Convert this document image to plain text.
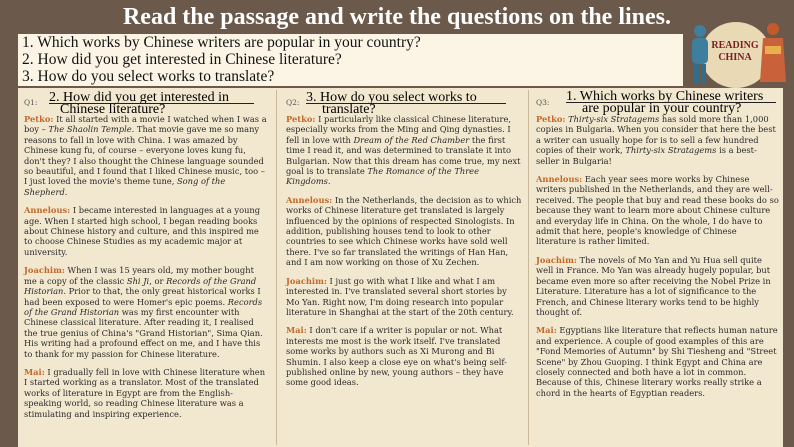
Read the passage and write the questions on the lines.
1. Which works by Chinese writers are popular in your country?
2. How did you get interested in Chinese literature?
3. How do you select works to translate?
READING
CHINA
Q1: 2. How did you get interested in
Chinese literature?

Petko: It all started with a movie I watched when I was a boy – The Shaolin Temple. That movie gave me so many reasons to fall in love with China. I was amazed by Chinese kung fu, of course – everyone loves kung fu, don't they? I also thought the Chinese language sounded so beautiful, and I found that I liked Chinese music, too – I just loved the movie's theme tune, Song of the Shepherd.

Annelous: I became interested in languages at a young age. When I started high school, I began reading books about Chinese history and culture, and this inspired me to choose Chinese Studies as my academic major at university.

Joachim: When I was 15 years old, my mother bought me a copy of the classic Shi Ji, or Records of the Grand Historian. Prior to that, the only great historical works I had been exposed to were Homer's epic poems. Records of the Grand Historian was my first encounter with Chinese classical literature. After reading it, I realised the true genius of China's "Grand Historian", Sima Qian. His writing had a profound effect on me, and I have this to thank for my passion for Chinese literature.

Mai: I gradually fell in love with Chinese literature when I started working as a translator. Most of the translated works of literature in Egypt are from the English-speaking world, so reading Chinese literature was a stimulating and inspiring experience.

Q2: 3. How do you select works to
translate?

Petko: I particularly like classical Chinese literature, especially works from the Ming and Qing dynasties. I fell in love with Dream of the Red Chamber the first time I read it, and was determined to translate it into Bulgarian. Now that this dream has come true, my next goal is to translate The Romance of the Three Kingdoms.

Annelous: In the Netherlands, the decision as to which works of Chinese literature get translated is largely influenced by the opinions of respected Sinologists. In addition, publishing houses tend to look to other countries to see which Chinese works have sold well there. I've so far translated the writings of Han Han, and I am now working on those of Xu Zechen.

Joachim: I just go with what I like and what I am interested in. I've translated several short stories by Mo Yan. Right now, I'm doing research into popular literature in Shanghai at the start of the 20th century.

Mai: I don't care if a writer is popular or not. What interests me most is the work itself. I've translated some works by authors such as Xi Murong and Bi Shumin. I also keep a close eye on what's being self-published online by new, young authors – they have some good ideas.

Q3: 1. Which works by Chinese writers
are popular in your country?

Petko: Thirty-six Stratagems has sold more than 1,000 copies in Bulgaria. When you consider that here the best a writer can usually hope for is to sell a few hundred copies of their work, Thirty-six Stratagems is a best-seller in Bulgaria!

Annelous: Each year sees more works by Chinese writers published in the Netherlands, and they are well-received. The people that buy and read these books do so because they want to learn more about Chinese culture and everyday life in China. On the whole, I do have to admit that here, people's knowledge of Chinese literature is rather limited.

Joachim: The novels of Mo Yan and Yu Hua sell quite well in France. Mo Yan was already hugely popular, but became even more so after receiving the Nobel Prize in Literature. Literature has a lot of significance to the French, and Chinese literary works tend to be highly thought of.

Mai: Egyptians like literature that reflects human nature and experience. A couple of good examples of this are "Fond Memories of Autumn" by Shi Tiesheng and "Street Scene" by Zhou Guoping. I think Egypt and China are closely connected and both have a lot in common. Because of this, Chinese literary works really strike a chord in the hearts of Egyptian readers.
